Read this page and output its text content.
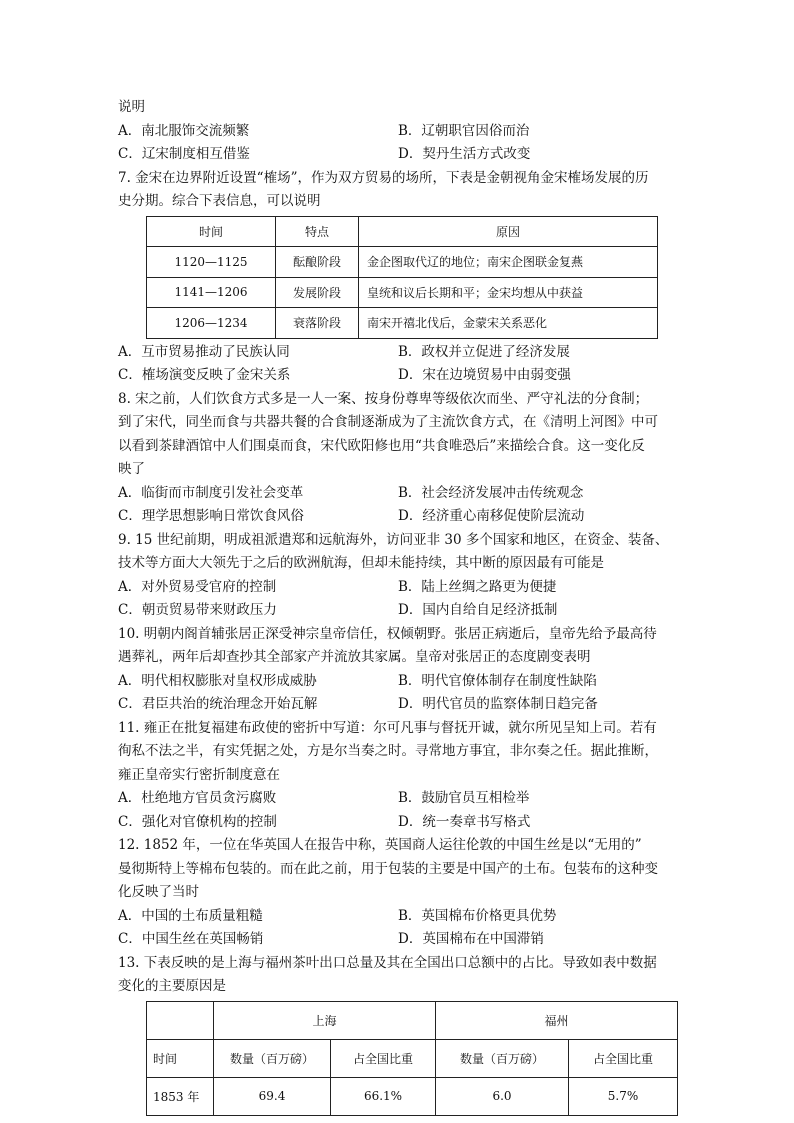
说明
A．南北服饰交流频繁	B．辽朝职官因俗而治
C．辽宋制度相互借鉴	D．契丹生活方式改变
7. 金宋在边界附近设置“榷场”，作为双方贸易的场所，下表是金朝视角金宋榷场发展的历
史分期。综合下表信息，可以说明
时间	特点	原因
1120—1125	酝酿阶段	金企图取代辽的地位；南宋企图联金复燕
1141—1206	发展阶段	皇统和议后长期和平；金宋均想从中获益
1206—1234	衰落阶段	南宋开禧北伐后，金蒙宋关系恶化
A．互市贸易推动了民族认同	B．政权并立促进了经济发展
C．榷场演变反映了金宋关系	D．宋在边境贸易中由弱变强
8. 宋之前，人们饮食方式多是一人一案、按身份尊卑等级依次而坐、严守礼法的分食制；
到了宋代，同坐而食与共器共餐的合食制逐渐成为了主流饮食方式，在《清明上河图》中可
以看到茶肆酒馆中人们围桌而食，宋代欧阳修也用“共食唯恐后”来描绘合食。这一变化反
映了
A．临街而市制度引发社会变革	B．社会经济发展冲击传统观念
C．理学思想影响日常饮食风俗	D．经济重心南移促使阶层流动
9. 15 世纪前期，明成祖派遣郑和远航海外，访问亚非 30 多个国家和地区，在资金、装备、
技术等方面大大领先于之后的欧洲航海，但却未能持续，其中断的原因最有可能是
A．对外贸易受官府的控制	B．陆上丝绸之路更为便捷
C．朝贡贸易带来财政压力	D．国内自给自足经济抵制
10. 明朝内阁首辅张居正深受神宗皇帝信任，权倾朝野。张居正病逝后，皇帝先给予最高待
遇葬礼，两年后却查抄其全部家产并流放其家属。皇帝对张居正的态度剧变表明
A．明代相权膨胀对皇权形成威胁	B．明代官僚体制存在制度性缺陷
C．君臣共治的统治理念开始瓦解	D．明代官员的监察体制日趋完备
11. 雍正在批复福建布政使的密折中写道：尔可凡事与督抚开诚，就尔所见呈知上司。若有
徇私不法之半，有实凭据之处，方是尔当奏之时。寻常地方事宜，非尔奏之任。据此推断，
雍正皇帝实行密折制度意在
A．杜绝地方官员贪污腐败	B．鼓励官员互相检举
C．强化对官僚机构的控制	D．统一奏章书写格式
12. 1852 年，一位在华英国人在报告中称，英国商人运往伦敦的中国生丝是以“无用的”
曼彻斯特上等棉布包装的。而在此之前，用于包装的主要是中国产的土布。包装布的这种变
化反映了当时
A．中国的土布质量粗糙	B．英国棉布价格更具优势
C．中国生丝在英国畅销	D．英国棉布在中国滞销
13. 下表反映的是上海与福州茶叶出口总量及其在全国出口总额中的占比。导致如表中数据
变化的主要原因是
	上海		福州	
时间	数量（百万磅）	占全国比重	数量（百万磅）	占全国比重
1853 年	69.4	66.1%	6.0	5.7%
